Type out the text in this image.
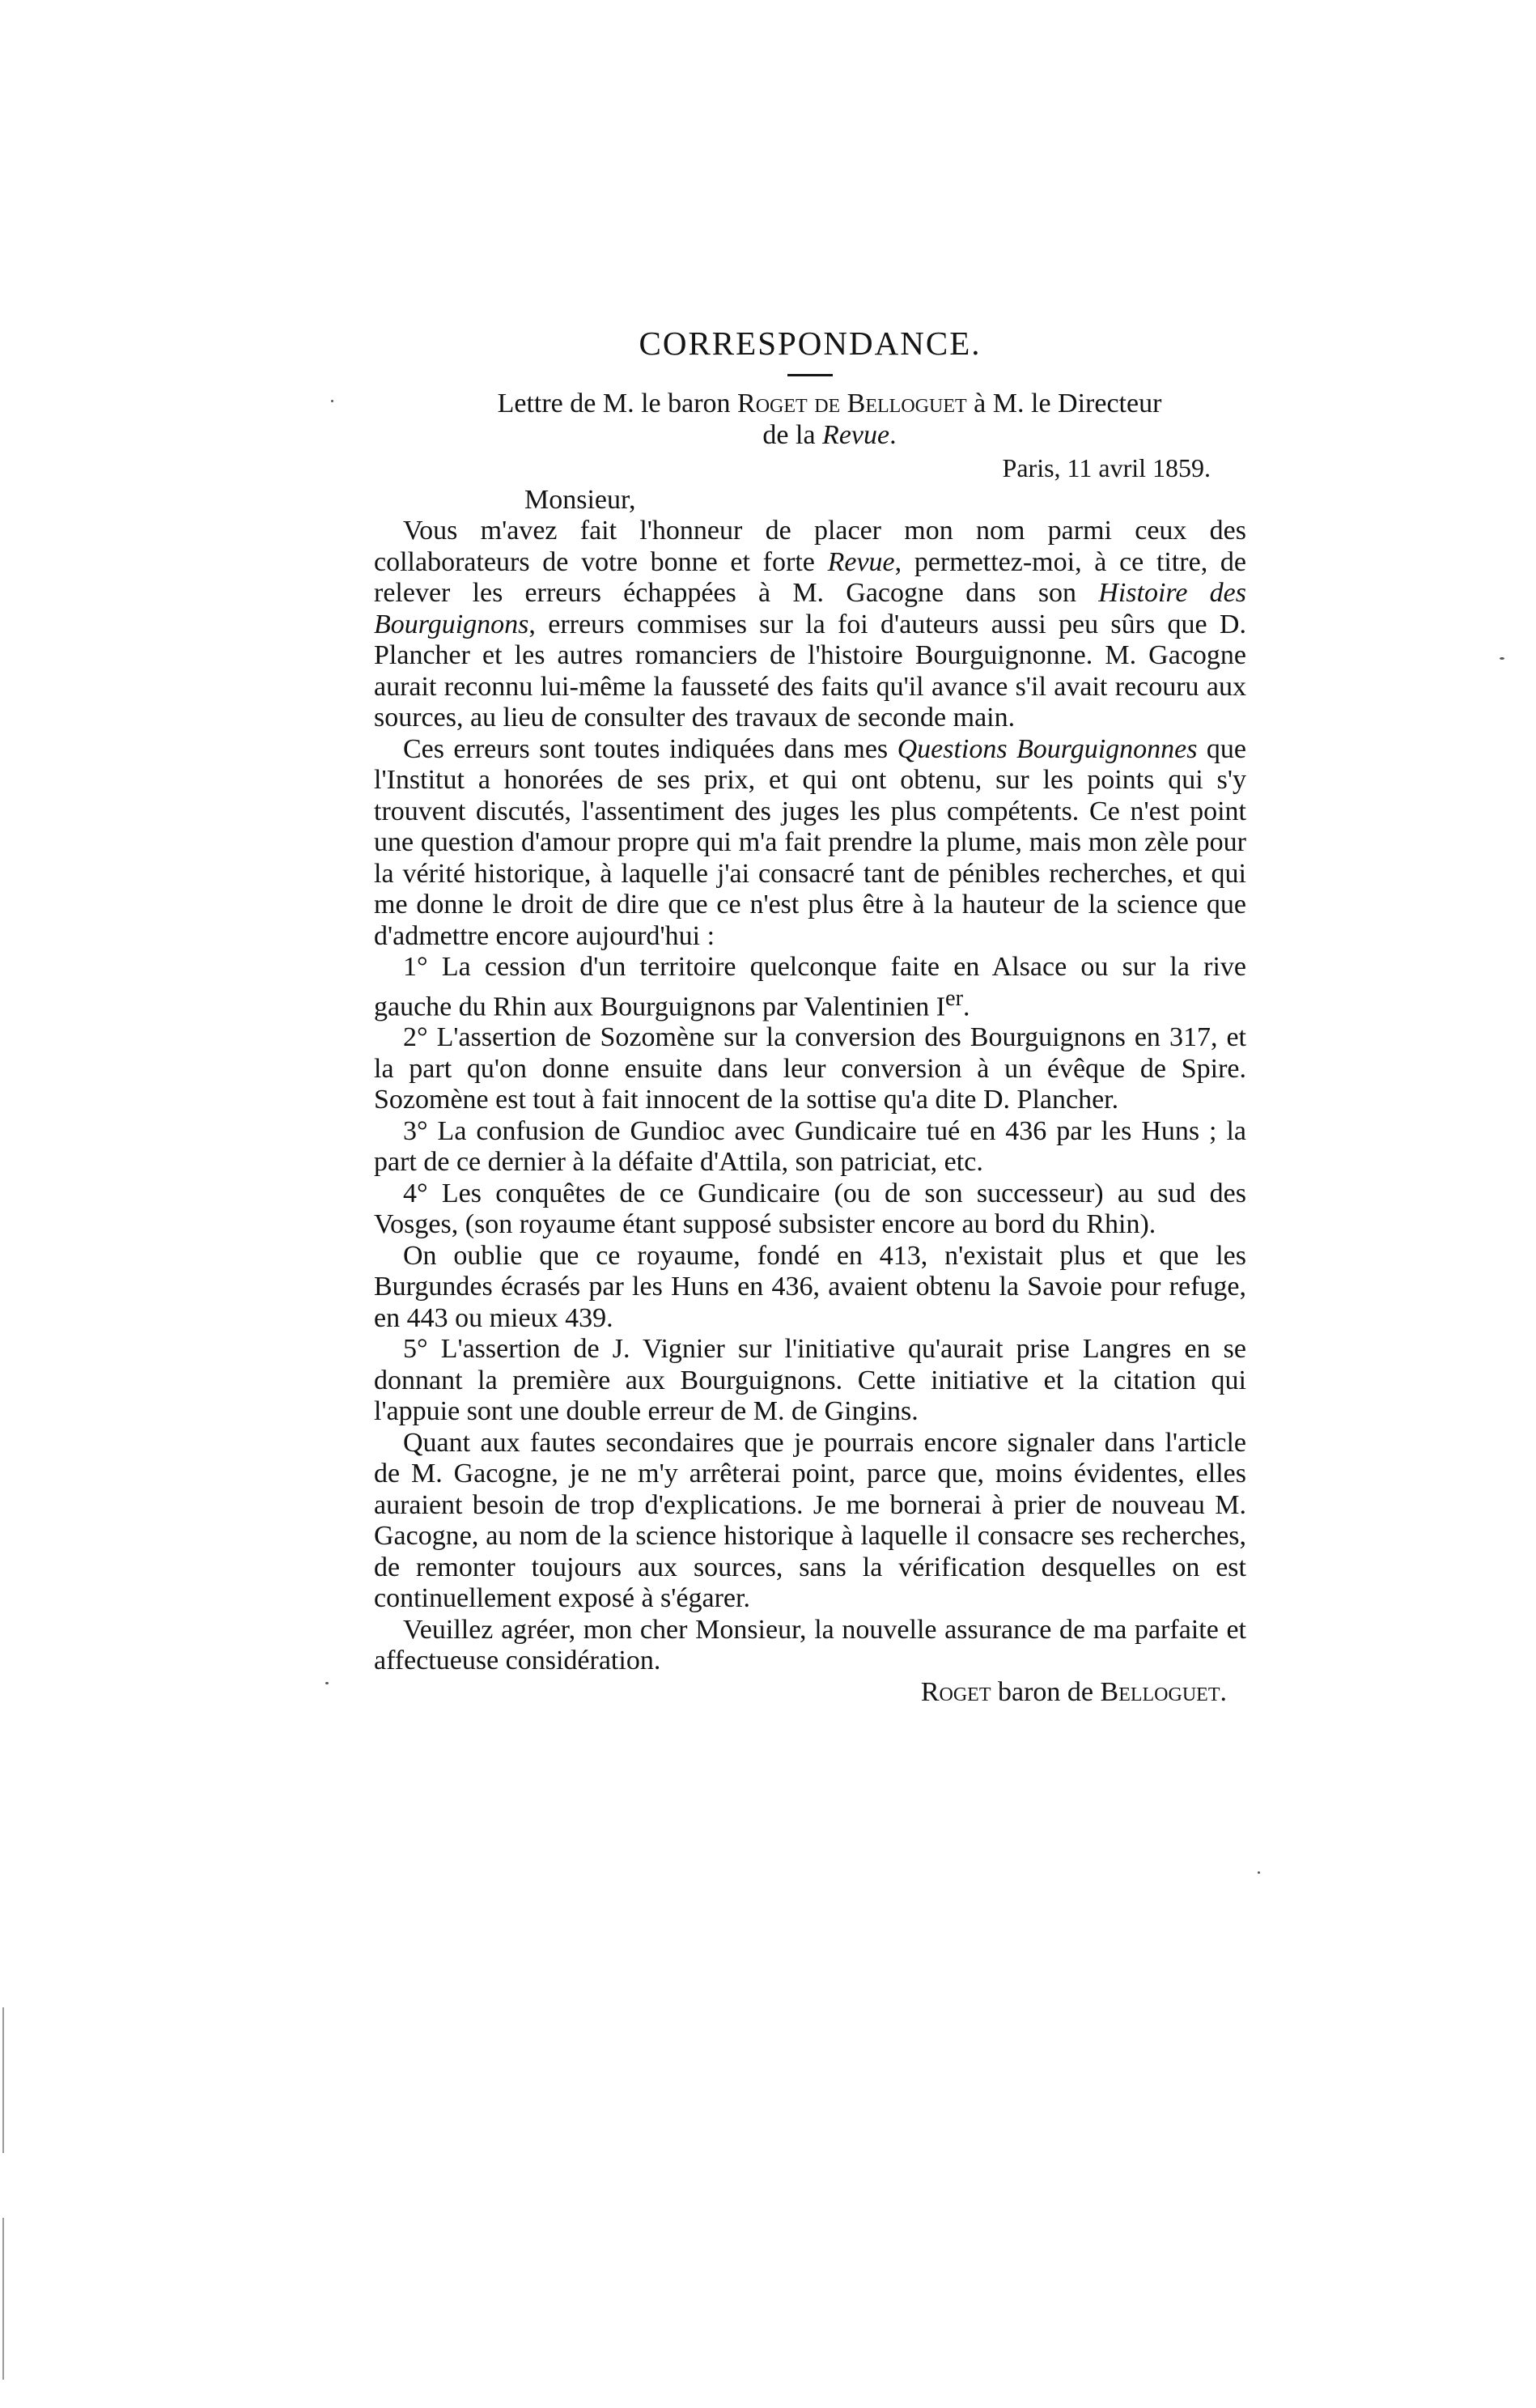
CORRESPONDANCE.

Lettre de M. le baron Roget de Belloguet à M. le Directeur

de la Revue.

Paris, 11 avril 1859.

Monsieur,

Vous m'avez fait l'honneur de placer mon nom parmi ceux des collaborateurs de votre bonne et forte Revue, permettez-moi, à ce titre, de relever les erreurs échappées à M. Gacogne dans son Histoire des Bourguignons, erreurs commises sur la foi d'auteurs aussi peu sûrs que D. Plancher et les autres romanciers de l'histoire Bourguignonne. M. Gacogne aurait reconnu lui-même la fausseté des faits qu'il avance s'il avait recouru aux sources, au lieu de consulter des travaux de seconde main.

Ces erreurs sont toutes indiquées dans mes Questions Bourguignonnes que l'Institut a honorées de ses prix, et qui ont obtenu, sur les points qui s'y trouvent discutés, l'assentiment des juges les plus compétents. Ce n'est point une question d'amour propre qui m'a fait prendre la plume, mais mon zèle pour la vérité historique, à laquelle j'ai consacré tant de pénibles recherches, et qui me donne le droit de dire que ce n'est plus être à la hauteur de la science que d'admettre encore aujourd'hui :

1° La cession d'un territoire quelconque faite en Alsace ou sur la rive gauche du Rhin aux Bourguignons par Valentinien Ier.

2° L'assertion de Sozomène sur la conversion des Bourguignons en 317, et la part qu'on donne ensuite dans leur conversion à un évêque de Spire. Sozomène est tout à fait innocent de la sottise qu'a dite D. Plancher.

3° La confusion de Gundioc avec Gundicaire tué en 436 par les Huns ; la part de ce dernier à la défaite d'Attila, son patriciat, etc.

4° Les conquêtes de ce Gundicaire (ou de son successeur) au sud des Vosges, (son royaume étant supposé subsister encore au bord du Rhin).

On oublie que ce royaume, fondé en 413, n'existait plus et que les Burgundes écrasés par les Huns en 436, avaient obtenu la Savoie pour refuge, en 443 ou mieux 439.

5° L'assertion de J. Vignier sur l'initiative qu'aurait prise Langres en se donnant la première aux Bourguignons. Cette initiative et la citation qui l'appuie sont une double erreur de M. de Gingins.

Quant aux fautes secondaires que je pourrais encore signaler dans l'article de M. Gacogne, je ne m'y arrêterai point, parce que, moins évidentes, elles auraient besoin de trop d'explications. Je me bornerai à prier de nouveau M. Gacogne, au nom de la science historique à laquelle il consacre ses recherches, de remonter toujours aux sources, sans la vérification desquelles on est continuellement exposé à s'égarer.

Veuillez agréer, mon cher Monsieur, la nouvelle assurance de ma parfaite et affectueuse considération.

Roget baron de Belloguet.
